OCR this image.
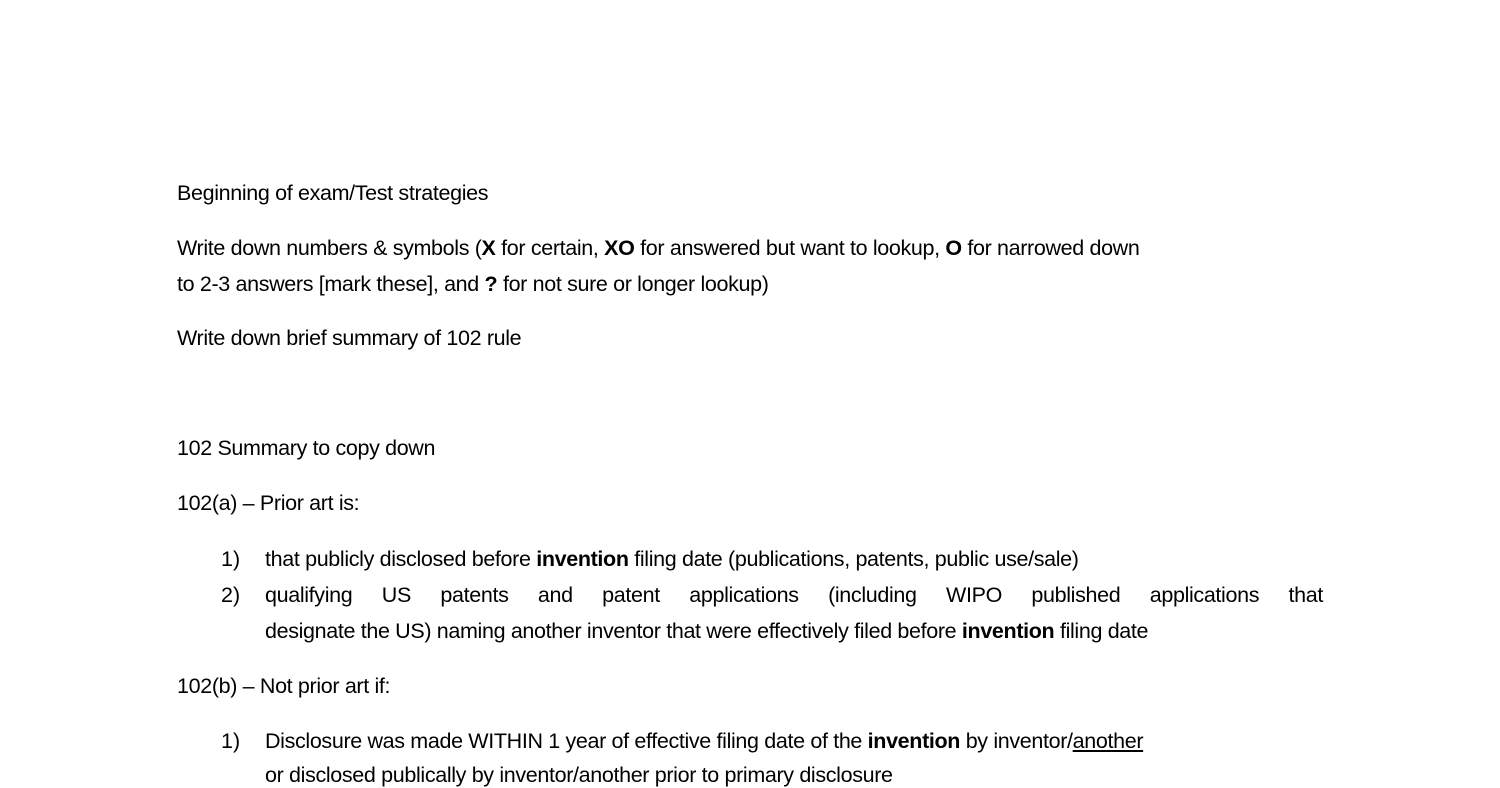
Beginning of exam/Test strategies
Write down numbers & symbols (X for certain, XO for answered but want to lookup, O for narrowed down
to 2-3 answers [mark these], and ? for not sure or longer lookup)
Write down brief summary of 102 rule
102 Summary to copy down
102(a) – Prior art is:
1) that publicly disclosed before invention filing date (publications, patents, public use/sale)
2) qualifying US patents and patent applications (including WIPO published applications that
designate the US) naming another inventor that were effectively filed before invention filing date
102(b) – Not prior art if:
1) Disclosure was made WITHIN 1 year of effective filing date of the invention by inventor/another
or disclosed publically by inventor/another prior to primary disclosure
